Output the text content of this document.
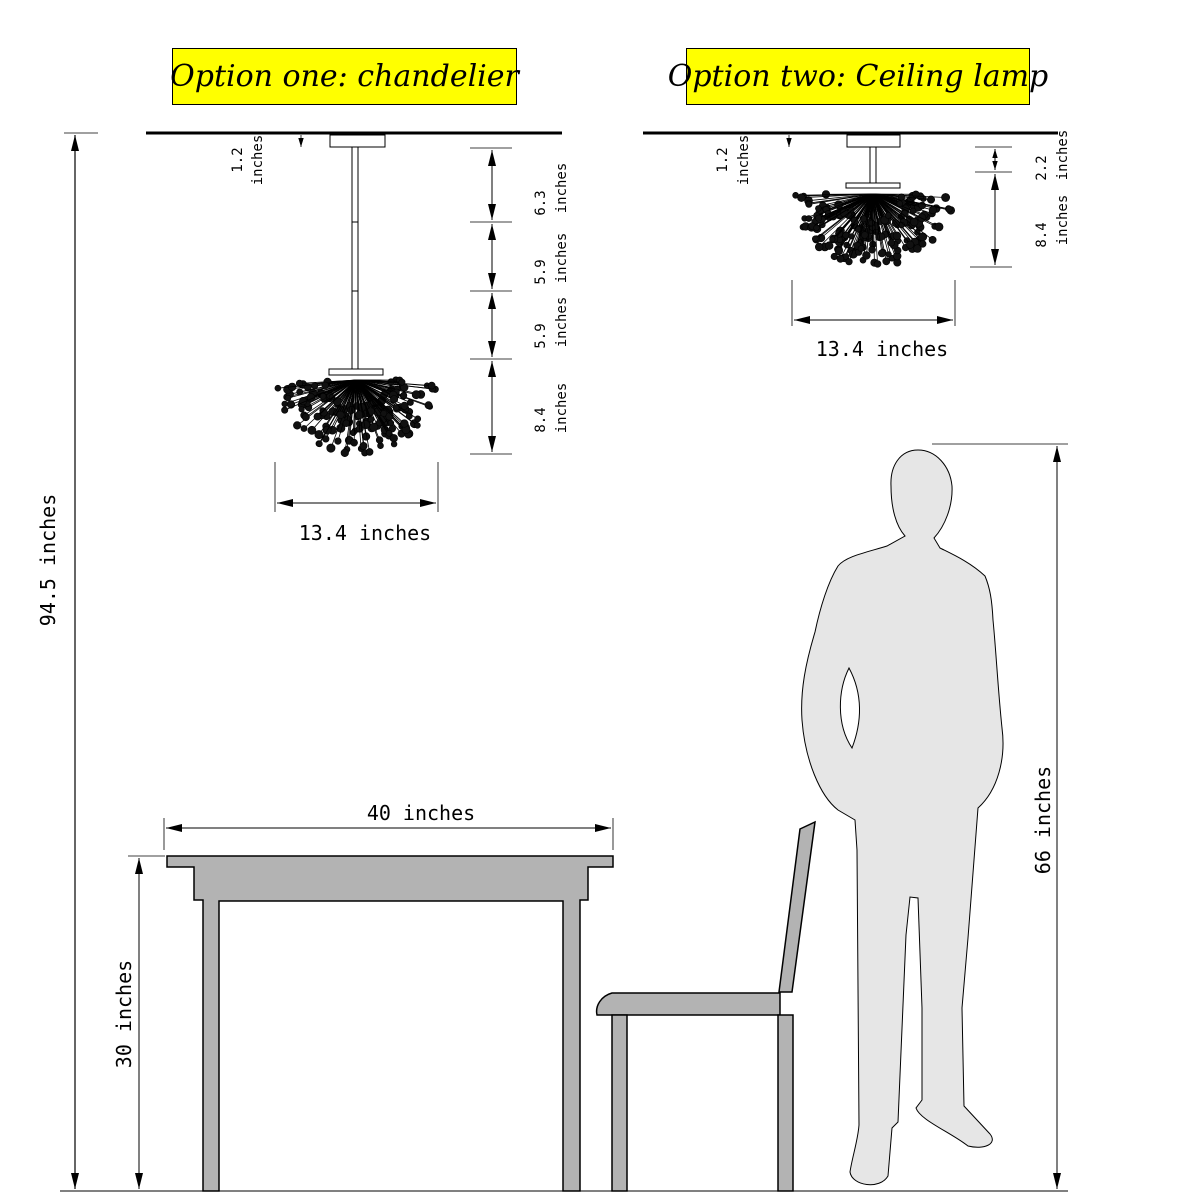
Option one: chandelier	Option two: Ceiling lamp
94.5 inches
1.2 inches
6.3 inches
5.9 inches
5.9 inches
8.4 inches
13.4 inches
1.2 inches	2.2 inches
8.4 inches
13.4 inches
40 inches
30 inches
66 inches
